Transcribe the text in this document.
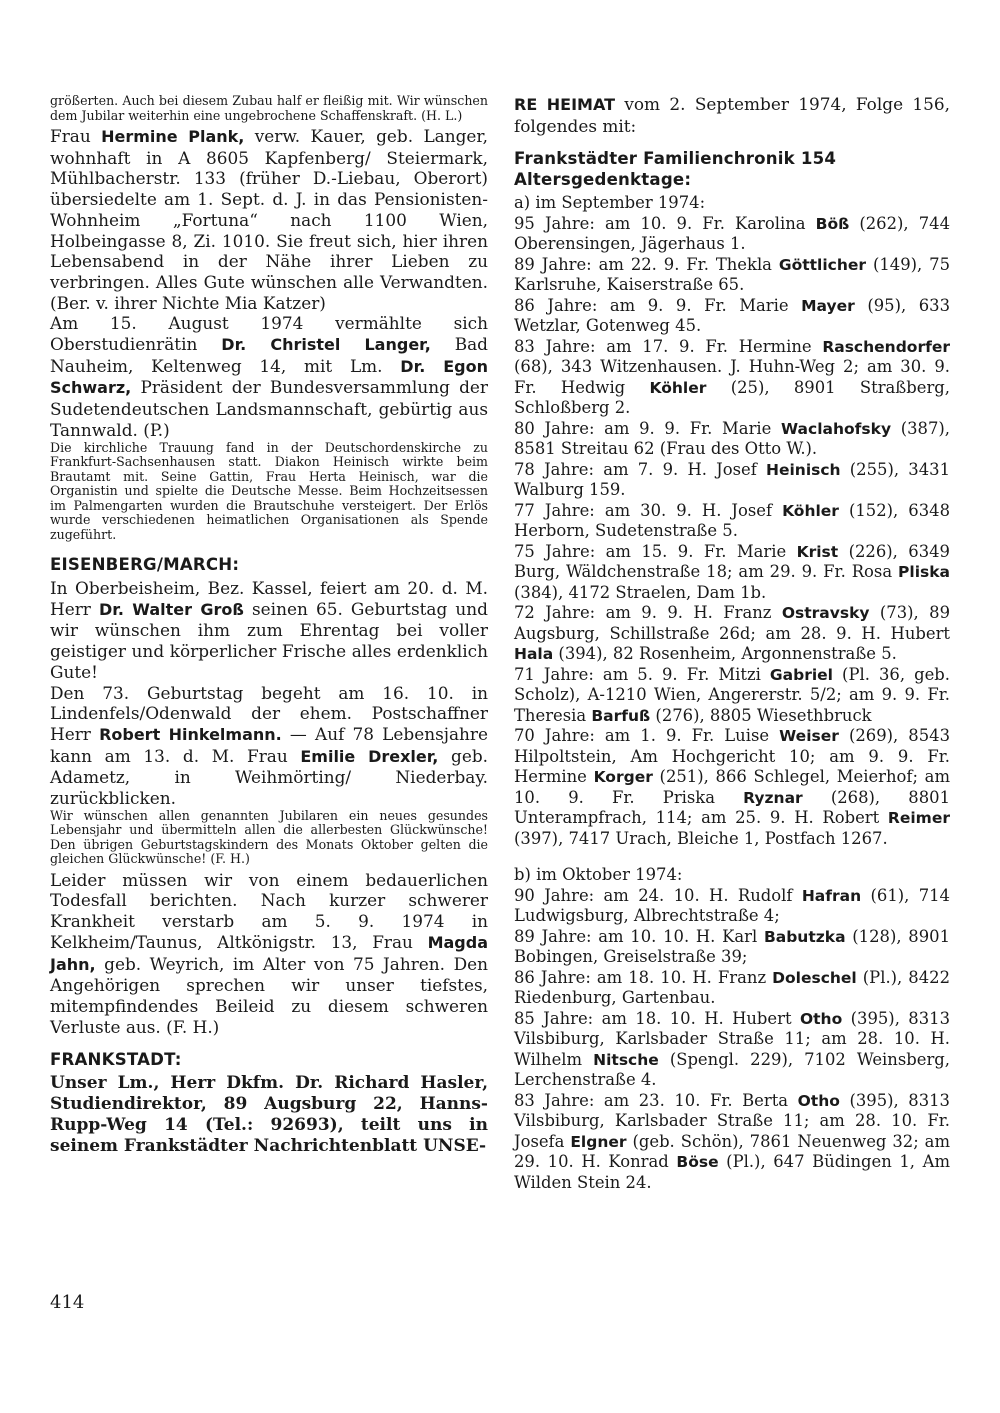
größerten. Auch bei diesem Zubau half er fleißig mit. Wir wünschen dem Jubilar weiterhin eine ungebrochene Schaffenskraft. (H. L.)

Frau Hermine Plank, verw. Kauer, geb. Langer, wohnhaft in A 8605 Kapfenberg/ Steiermark, Mühlbacherstr. 133 (früher D.-Liebau, Oberort) übersiedelte am 1. Sept. d. J. in das Pensionisten-Wohnheim „Fortuna“ nach 1100 Wien, Holbeingasse 8, Zi. 1010. Sie freut sich, hier ihren Lebensabend in der Nähe ihrer Lieben zu verbringen. Alles Gute wünschen alle Verwandten. (Ber. v. ihrer Nichte Mia Katzer)

Am 15. August 1974 vermählte sich Oberstudienrätin Dr. Christel Langer, Bad Nauheim, Keltenweg 14, mit Lm. Dr. Egon Schwarz, Präsident der Bundesversammlung der Sudetendeutschen Landsmannschaft, gebürtig aus Tannwald. (P.)

Die kirchliche Trauung fand in der Deutschordenskirche zu Frankfurt-Sachsenhausen statt. Diakon Heinisch wirkte beim Brautamt mit. Seine Gattin, Frau Herta Heinisch, war die Organistin und spielte die Deutsche Messe. Beim Hochzeitsessen im Palmengarten wurden die Brautschuhe versteigert. Der Erlös wurde verschiedenen heimatlichen Organisationen als Spende zugeführt.

EISENBERG/MARCH:

In Oberbeisheim, Bez. Kassel, feiert am 20. d. M. Herr Dr. Walter Groß seinen 65. Geburtstag und wir wünschen ihm zum Ehrentag bei voller geistiger und körperlicher Frische alles erdenklich Gute!

Den 73. Geburtstag begeht am 16. 10. in Lindenfels/Odenwald der ehem. Postschaffner Herr Robert Hinkelmann. — Auf 78 Lebensjahre kann am 13. d. M. Frau Emilie Drexler, geb. Adametz, in Weihmörting/ Niederbay. zurückblicken.

Wir wünschen allen genannten Jubilaren ein neues gesundes Lebensjahr und übermitteln allen die allerbesten Glückwünsche! Den übrigen Geburtstagskindern des Monats Oktober gelten die gleichen Glückwünsche! (F. H.)

Leider müssen wir von einem bedauerlichen Todesfall berichten. Nach kurzer schwerer Krankheit verstarb am 5. 9. 1974 in Kelkheim/Taunus, Altkönigstr. 13, Frau Magda Jahn, geb. Weyrich, im Alter von 75 Jahren. Den Angehörigen sprechen wir unser tiefstes, mitempfindendes Beileid zu diesem schweren Verluste aus. (F. H.)

FRANKSTADT:

Unser Lm., Herr Dkfm. Dr. Richard Hasler, Studiendirektor, 89 Augsburg 22, Hanns-Rupp-Weg 14 (Tel.: 92693), teilt uns in seinem Frankstädter Nachrichtenblatt UNSE-

RE HEIMAT vom 2. September 1974, Folge 156, folgendes mit:

Frankstädter Familienchronik 154 Altersgedenktage:

a) im September 1974:

95 Jahre: am 10. 9. Fr. Karolina Böß (262), 744 Oberensingen, Jägerhaus 1.

89 Jahre: am 22. 9. Fr. Thekla Göttlicher (149), 75 Karlsruhe, Kaiserstraße 65.

86 Jahre: am 9. 9. Fr. Marie Mayer (95), 633 Wetzlar, Gotenweg 45.

83 Jahre: am 17. 9. Fr. Hermine Raschendorfer (68), 343 Witzenhausen. J. Huhn-Weg 2; am 30. 9. Fr. Hedwig Köhler (25), 8901 Straßberg, Schloßberg 2.

80 Jahre: am 9. 9. Fr. Marie Waclahofsky (387), 8581 Streitau 62 (Frau des Otto W.).

78 Jahre: am 7. 9. H. Josef Heinisch (255), 3431 Walburg 159.

77 Jahre: am 30. 9. H. Josef Köhler (152), 6348 Herborn, Sudetenstraße 5.

75 Jahre: am 15. 9. Fr. Marie Krist (226), 6349 Burg, Wäldchenstraße 18; am 29. 9. Fr. Rosa Pliska (384), 4172 Straelen, Dam 1b.

72 Jahre: am 9. 9. H. Franz Ostravsky (73), 89 Augsburg, Schillstraße 26d; am 28. 9. H. Hubert Hala (394), 82 Rosenheim, Argonnenstraße 5.

71 Jahre: am 5. 9. Fr. Mitzi Gabriel (Pl. 36, geb. Scholz), A-1210 Wien, Angererstr. 5/2; am 9. 9. Fr. Theresia Barfuß (276), 8805 Wiesethbruck

70 Jahre: am 1. 9. Fr. Luise Weiser (269), 8543 Hilpoltstein, Am Hochgericht 10; am 9. 9. Fr. Hermine Korger (251), 866 Schlegel, Meierhof; am 10. 9. Fr. Priska Ryznar (268), 8801 Unterampfrach, 114; am 25. 9. H. Robert Reimer (397), 7417 Urach, Bleiche 1, Postfach 1267.

b) im Oktober 1974:

90 Jahre: am 24. 10. H. Rudolf Hafran (61), 714 Ludwigsburg, Albrechtstraße 4;

89 Jahre: am 10. 10. H. Karl Babutzka (128), 8901 Bobingen, Greiselstraße 39;

86 Jahre: am 18. 10. H. Franz Doleschel (Pl.), 8422 Riedenburg, Gartenbau.

85 Jahre: am 18. 10. H. Hubert Otho (395), 8313 Vilsbiburg, Karlsbader Straße 11; am 28. 10. H. Wilhelm Nitsche (Spengl. 229), 7102 Weinsberg, Lerchenstraße 4.

83 Jahre: am 23. 10. Fr. Berta Otho (395), 8313 Vilsbiburg, Karlsbader Straße 11; am 28. 10. Fr. Josefa Elgner (geb. Schön), 7861 Neuenweg 32; am 29. 10. H. Konrad Böse (Pl.), 647 Büdingen 1, Am Wilden Stein 24.

414
